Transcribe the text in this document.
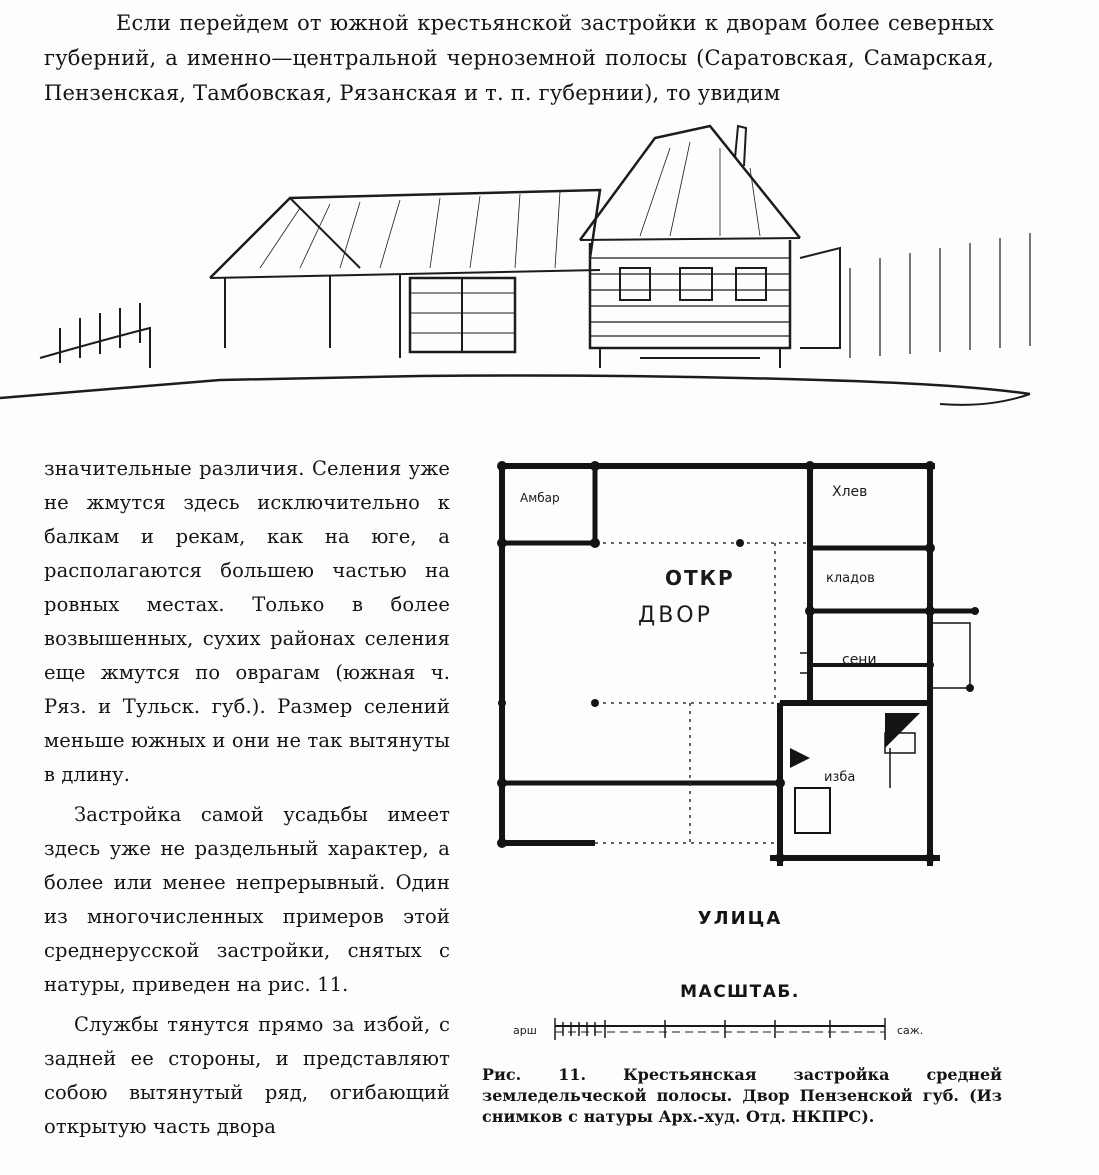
Если перейдем от южной крестьянской застройки к дворам более северных губерний, а именно—центральной черноземной полосы (Саратовская, Самарская, Пензенская, Тамбовская, Рязанская и т. п. губернии), то увидим

значительные различия. Селения уже не жмутся здесь исключительно к балкам и рекам, как на юге, а располагаются большею частью на ровных местах. Только в более возвышенных, сухих районах селения еще жмутся по оврагам (южная ч. Ряз. и Тульск. губ.). Размер селений меньше южных и они не так вытянуты в длину.

Застройка самой усадьбы имеет здесь уже не раздельный характер, а более или менее непрерывный. Один из многочисленных примеров этой среднерусской застройки, снятых с натуры, приведен на рис. 11.

Службы тянутся прямо за избой, с задней ее стороны, и представляют собою вытянутый ряд, огибающий открытую часть двора

Амбар	Хлев
ОТКР
ДВОР
кладов
сени
изба
УЛИЦА
МАСШТАБ.
арш	саж.
Рис. 11. Крестьянская застройка средней земледельческой полосы. Двор Пензенской губ. (Из снимков с натуры Арх.-худ. Отд. НКПРС).
